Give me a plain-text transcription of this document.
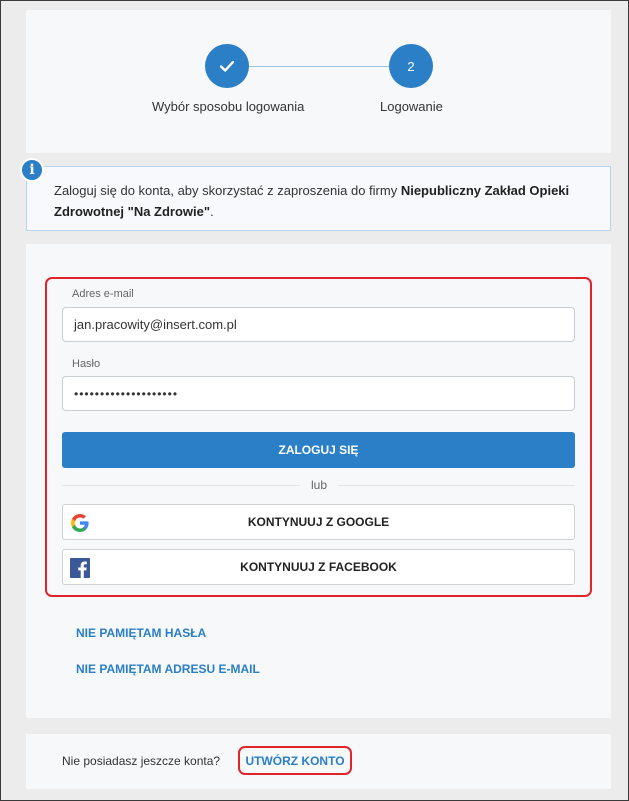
2
Wybór sposobu logowania	Logowanie
i
Zaloguj się do konta, aby skorzystać z zaproszenia do firmy Niepubliczny Zakład Opieki Zdrowotnej "Na Zdrowie".
Adres e-mail
jan.pracowity@insert.com.pl
Hasło
••••••••••••••••••••
ZALOGUJ SIĘ
lub
KONTYNUUJ Z GOOGLE
KONTYNUUJ Z FACEBOOK
NIE PAMIĘTAM HASŁA
NIE PAMIĘTAM ADRESU E-MAIL
Nie posiadasz jeszcze konta?	UTWÓRZ KONTO
